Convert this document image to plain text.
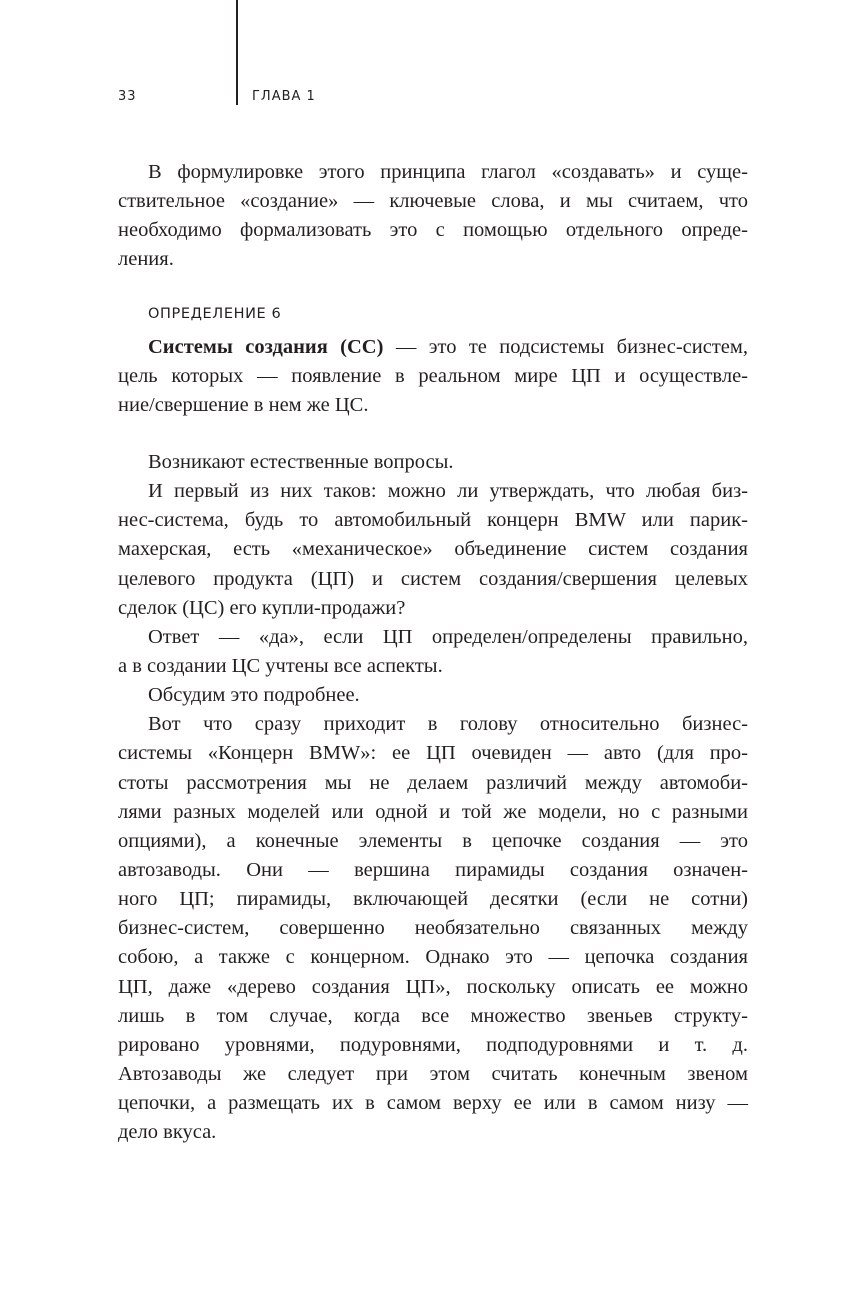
33	ГЛАВА 1
В формулировке этого принципа глагол «создавать» и суще-
ствительное «создание» — ключевые слова, и мы считаем, что
необходимо формализовать это с помощью отдельного опреде-
ления.
ОПРЕДЕЛЕНИЕ 6
Системы создания (СС) — это те подсистемы бизнес-систем,
цель которых — появление в реальном мире ЦП и осуществле-
ние/свершение в нем же ЦС.
Возникают естественные вопросы.
И первый из них таков: можно ли утверждать, что любая биз-
нес-система, будь то автомобильный концерн BMW или парик-
махерская, есть «механическое» объединение систем создания
целевого продукта (ЦП) и систем создания/свершения целевых
сделок (ЦС) его купли-продажи?
Ответ — «да», если ЦП определен/определены правильно,
а в создании ЦС учтены все аспекты.
Обсудим это подробнее.
Вот что сразу приходит в голову относительно бизнес-
системы «Концерн BMW»: ее ЦП очевиден — авто (для про-
стоты рассмотрения мы не делаем различий между автомоби-
лями разных моделей или одной и той же модели, но с разными
опциями), а конечные элементы в цепочке создания — это
автозаводы. Они — вершина пирамиды создания означен-
ного ЦП; пирамиды, включающей десятки (если не сотни)
бизнес-систем, совершенно необязательно связанных между
собою, а также с концерном. Однако это — цепочка создания
ЦП, даже «дерево создания ЦП», поскольку описать ее можно
лишь в том случае, когда все множество звеньев структу-
рировано уровнями, подуровнями, подподуровнями и т. д.
Автозаводы же следует при этом считать конечным звеном
цепочки, а размещать их в самом верху ее или в самом низу —
дело вкуса.
